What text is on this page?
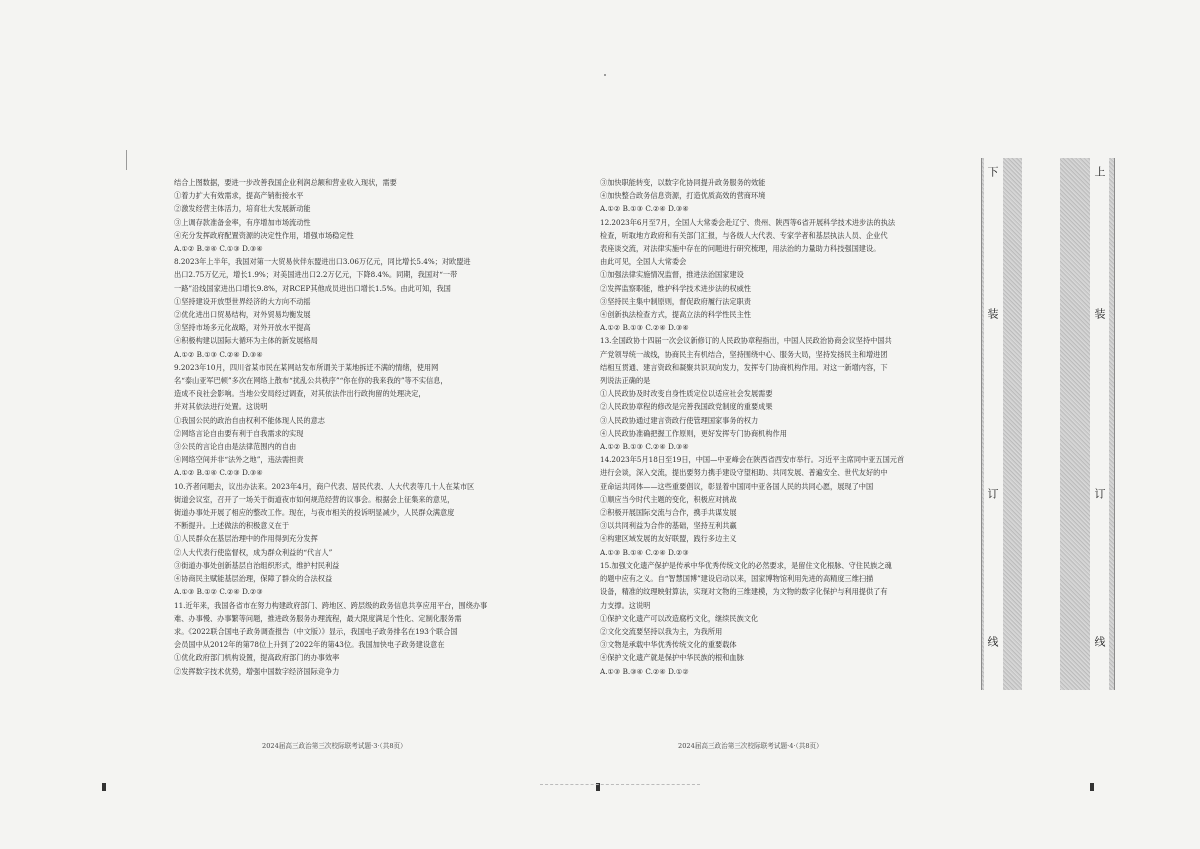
结合上图数据，要进一步改善我国企业利润总额和营业收入现状，需要
①着力扩大有效需求，提高产销衔接水平
②激发经营主体活力，培育壮大发展新动能
③上调存款准备金率，有序增加市场流动性
④充分发挥政府配置资源的决定性作用，增强市场稳定性
A.①② B.②④ C.①③ D.③④
8.2023年上半年，我国对第一大贸易伙伴东盟进出口3.06万亿元，同比增长5.4%；对欧盟进
出口2.75万亿元，增长1.9%；对美国进出口2.2万亿元，下降8.4%。同期，我国对“一带
一路”沿线国家进出口增长9.8%，对RCEP其他成员进出口增长1.5%。由此可知，我国
①坚持建设开放型世界经济的大方向不动摇
②优化进出口贸易结构，对外贸易均衡发展
③坚持市场多元化战略，对外开放水平提高
④积极构建以国际大循环为主体的新发展格局
A.①② B.①③ C.②④ D.③④
9.2023年10月，四川省某市民在某网站发布所谓关于某地拆迁不满的情绪，使用网
名“泰山亚军巴顿”多次在网络上散布“扰乱公共秩序”“你在你的我来我的”等不实信息，
造成不良社会影响。当地公安局经过调查，对其依法作出行政拘留的处理决定，
并对其依法进行处置。这说明
①我国公民的政治自由权利不能体现人民的意志
②网络言论自由要有利于自我需求的实现
③公民的言论自由是法律范围内的自由
④网络空间并非“法外之地”，违法需担责
A.①② B.①④ C.②③ D.③④
10.齐者问题去，议出办法来。2023年4月，商户代表、居民代表、人大代表等几十人在某市区
街道会议室，召开了一场关于街道夜市如何规范经营的议事会。根据会上征集来的意见，
街道办事处开展了相应的整改工作。现在，与夜市相关的投诉明显减少，人民群众满意度
不断提升。上述做法的积极意义在于
①人民群众在基层治理中的作用得到充分发挥
②人大代表行使监督权，成为群众利益的“代言人”
③街道办事处创新基层自治组织形式，维护村民利益
④协商民主赋能基层治理，保障了群众的合法权益
A.①③ B.①② C.②④ D.②③
11.近年来，我国各省市在努力构建政府部门、跨地区、跨层级的政务信息共享应用平台，围绕办事
难、办事慢、办事繁等问题，推进政务服务办理流程，最大限度满足个性化、定制化服务需
求。《2022联合国电子政务调查报告（中文版）》显示，我国电子政务排名在193个联合国
会员国中从2012年的第78位上升到了2022年的第43位。我国加快电子政务建设意在
①优化政府部门机构设置，提高政府部门的办事效率
②发挥数字技术优势，增强中国数字经济国际竞争力
③加快职能转变，以数字化协同提升政务服务的效能
④加快整合政务信息资源，打造优质高效的营商环境
A.①② B.①③ C.②④ D.③④
12.2023年6月至7月，全国人大常委会赴辽宁、贵州、陕西等6省开展科学技术进步法的执法
检查，听取地方政府和有关部门汇报，与各级人大代表、专家学者和基层执法人员、企业代
表座谈交流，对法律实施中存在的问题进行研究梳理，用法治的力量助力科技强国建设。
由此可见，全国人大常委会
①加强法律实施情况监督，推进法治国家建设
②发挥监察职能，维护科学技术进步法的权威性
③坚持民主集中制原则，督促政府履行法定职责
④创新执法检查方式，提高立法的科学性民主性
A.①② B.①③ C.②④ D.③④
13.全国政协十四届一次会议新修订的人民政协章程指出，中国人民政治协商会议坚持中国共
产党领导统一战线，协商民主有机结合，坚持围绕中心、服务大局，坚持发扬民主和增进团
结相互贯通、建言资政和凝聚共识双向发力，发挥专门协商机构作用。对这一新增内容，下
列说法正确的是
①人民政协及时改变自身性质定位以适应社会发展需要
②人民政协章程的修改是完善我国政党制度的重要成果
③人民政协通过建言资政行使管理国家事务的权力
④人民政协准确把握工作原则，更好发挥专门协商机构作用
A.①② B.①③ C.②④ D.③④
14.2023年5月18日至19日，中国—中亚峰会在陕西省西安市举行。习近平主席同中亚五国元首
进行会谈，深入交流，提出要努力携手建设守望相助、共同发展、普遍安全、世代友好的中
亚命运共同体——这些重要倡议，彰显着中国同中亚各国人民的共同心愿，展现了中国
①顺应当今时代主题的变化，积极应对挑战
②积极开展国际交流与合作，携手共谋发展
③以共同利益为合作的基础，坚持互利共赢
④构建区域发展的友好联盟，践行多边主义
A.①③ B.①④ C.②④ D.②③
15.加强文化遗产保护是传承中华优秀传统文化的必然要求，是留住文化根脉、守住民族之魂
的题中应有之义。自“智慧国博”建设启动以来，国家博物馆利用先进的高精度三维扫描
设备，精准的纹理映射算法，实现对文物的三维建模，为文物的数字化保护与利用提供了有
力支撑。这说明
①保护文化遗产可以改造腐朽文化，继续民族文化
②文化交流要坚持以我为主，为我所用
③文物是承载中华优秀传统文化的重要载体
④保护文化遗产就是保护中华民族的根和血脉
A.①③ B.③④ C.②④ D.①②
2024届高三政治第三次校际联考试题·3·（共8页）	2024届高三政治第三次校际联考试题·4·（共8页）
下
装
订
线
上
装
订
线
